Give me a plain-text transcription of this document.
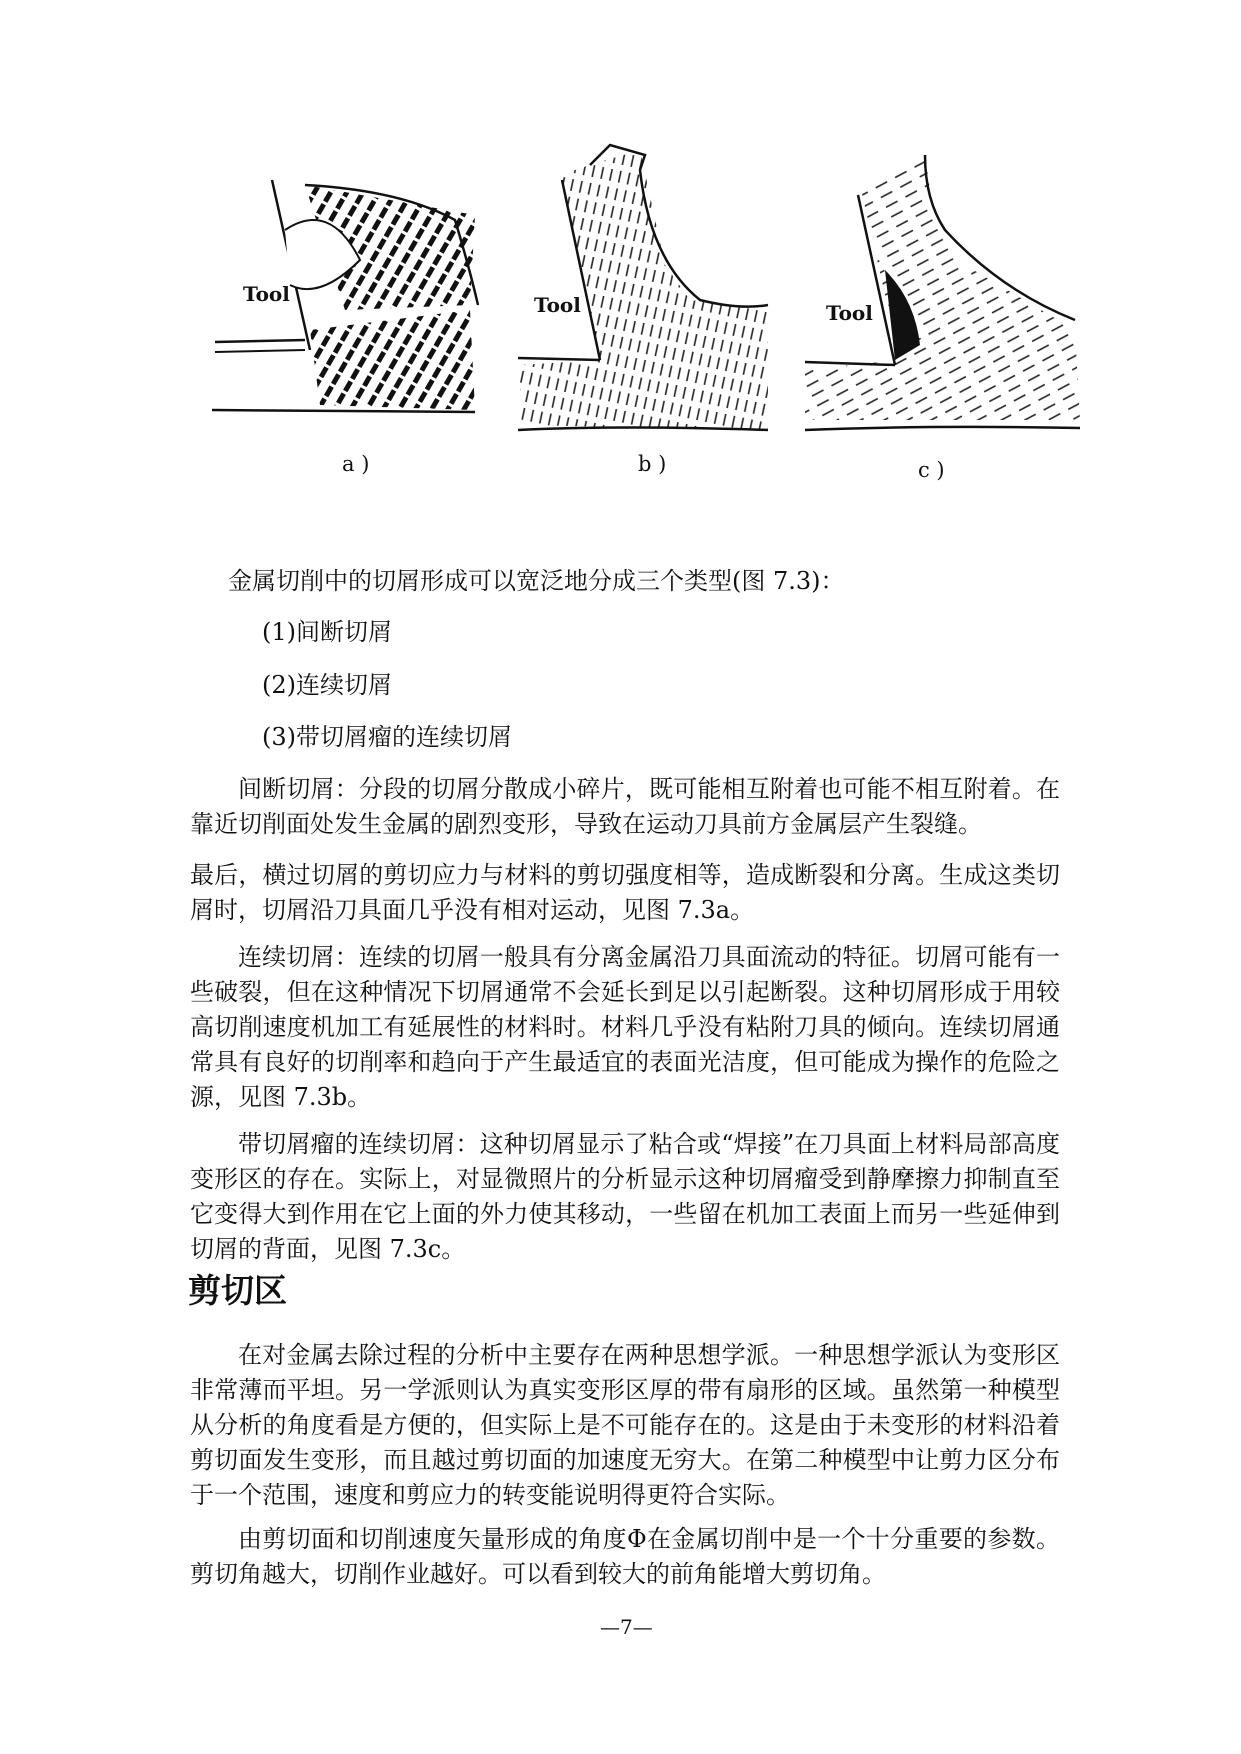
Tool	Tool	Tool
a )	b )	c )

金属切削中的切屑形成可以宽泛地分成三个类型(图 7.3)：

(1)间断切屑

(2)连续切屑

(3)带切屑瘤的连续切屑

间断切屑：分段的切屑分散成小碎片，既可能相互附着也可能不相互附着。在靠近切削面处发生金属的剧烈变形，导致在运动刀具前方金属层产生裂缝。

最后，横过切屑的剪切应力与材料的剪切强度相等，造成断裂和分离。生成这类切屑时，切屑沿刀具面几乎没有相对运动，见图 7.3a。

连续切屑：连续的切屑一般具有分离金属沿刀具面流动的特征。切屑可能有一些破裂，但在这种情况下切屑通常不会延长到足以引起断裂。这种切屑形成于用较高切削速度机加工有延展性的材料时。材料几乎没有粘附刀具的倾向。连续切屑通常具有良好的切削率和趋向于产生最适宜的表面光洁度，但可能成为操作的危险之源，见图 7.3b。

带切屑瘤的连续切屑：这种切屑显示了粘合或“焊接”在刀具面上材料局部高度变形区的存在。实际上，对显微照片的分析显示这种切屑瘤受到静摩擦力抑制直至它变得大到作用在它上面的外力使其移动，一些留在机加工表面上而另一些延伸到切屑的背面，见图 7.3c。

剪切区

在对金属去除过程的分析中主要存在两种思想学派。一种思想学派认为变形区非常薄而平坦。另一学派则认为真实变形区厚的带有扇形的区域。虽然第一种模型从分析的角度看是方便的，但实际上是不可能存在的。这是由于未变形的材料沿着剪切面发生变形，而且越过剪切面的加速度无穷大。在第二种模型中让剪力区分布于一个范围，速度和剪应力的转变能说明得更符合实际。

由剪切面和切削速度矢量形成的角度Φ在金属切削中是一个十分重要的参数。剪切角越大，切削作业越好。可以看到较大的前角能增大剪切角。

—7—
